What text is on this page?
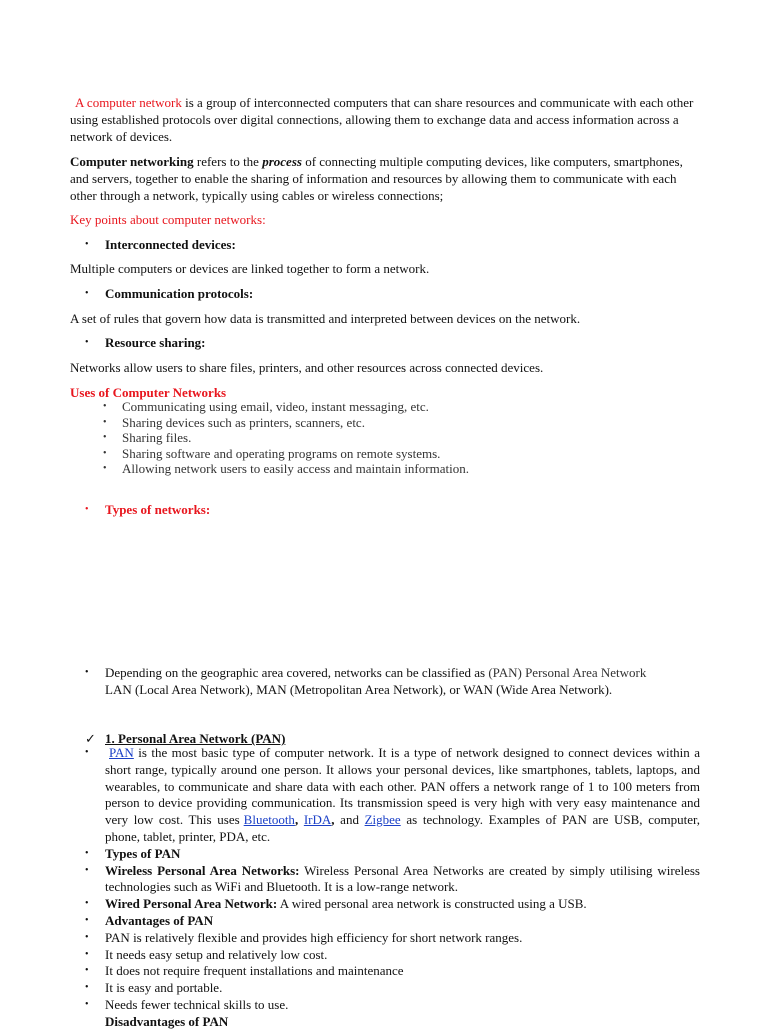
A computer network is a group of interconnected computers that can share resources and communicate with each other using established protocols over digital connections, allowing them to exchange data and access information across a network of devices.

Computer networking refers to the process of connecting multiple computing devices, like computers, smartphones, and servers, together to enable the sharing of information and resources by allowing them to communicate with each other through a network, typically using cables or wireless connections;

Key points about computer networks:

• Interconnected devices:

Multiple computers or devices are linked together to form a network.

• Communication protocols:

A set of rules that govern how data is transmitted and interpreted between devices on the network.

• Resource sharing:

Networks allow users to share files, printers, and other resources across connected devices.

Uses of Computer Networks

• Communicating using email, video, instant messaging, etc.
• Sharing devices such as printers, scanners, etc.
• Sharing files.
• Sharing software and operating programs on remote systems.
• Allowing network users to easily access and maintain information.
• Types of networks:
• Depending on the geographic area covered, networks can be classified as (PAN) Personal Area Network
LAN (Local Area Network), MAN (Metropolitan Area Network), or WAN (Wide Area Network).
✓ 1. Personal Area Network (PAN)
• PAN is the most basic type of computer network. It is a type of network designed to connect devices within a short range, typically around one person. It allows your personal devices, like smartphones, tablets, laptops, and wearables, to communicate and share data with each other. PAN offers a network range of 1 to 100 meters from person to device providing communication. Its transmission speed is very high with very easy maintenance and very low cost. This uses Bluetooth, IrDA, and Zigbee as technology. Examples of PAN are USB, computer, phone, tablet, printer, PDA, etc.
• Types of PAN
• Wireless Personal Area Networks: Wireless Personal Area Networks are created by simply utilising wireless technologies such as WiFi and Bluetooth. It is a low-range network.
• Wired Personal Area Network: A wired personal area network is constructed using a USB.
• Advantages of PAN
• PAN is relatively flexible and provides high efficiency for short network ranges.
• It needs easy setup and relatively low cost.
• It does not require frequent installations and maintenance
• It is easy and portable.
• Needs fewer technical skills to use.
Disadvantages of PAN
